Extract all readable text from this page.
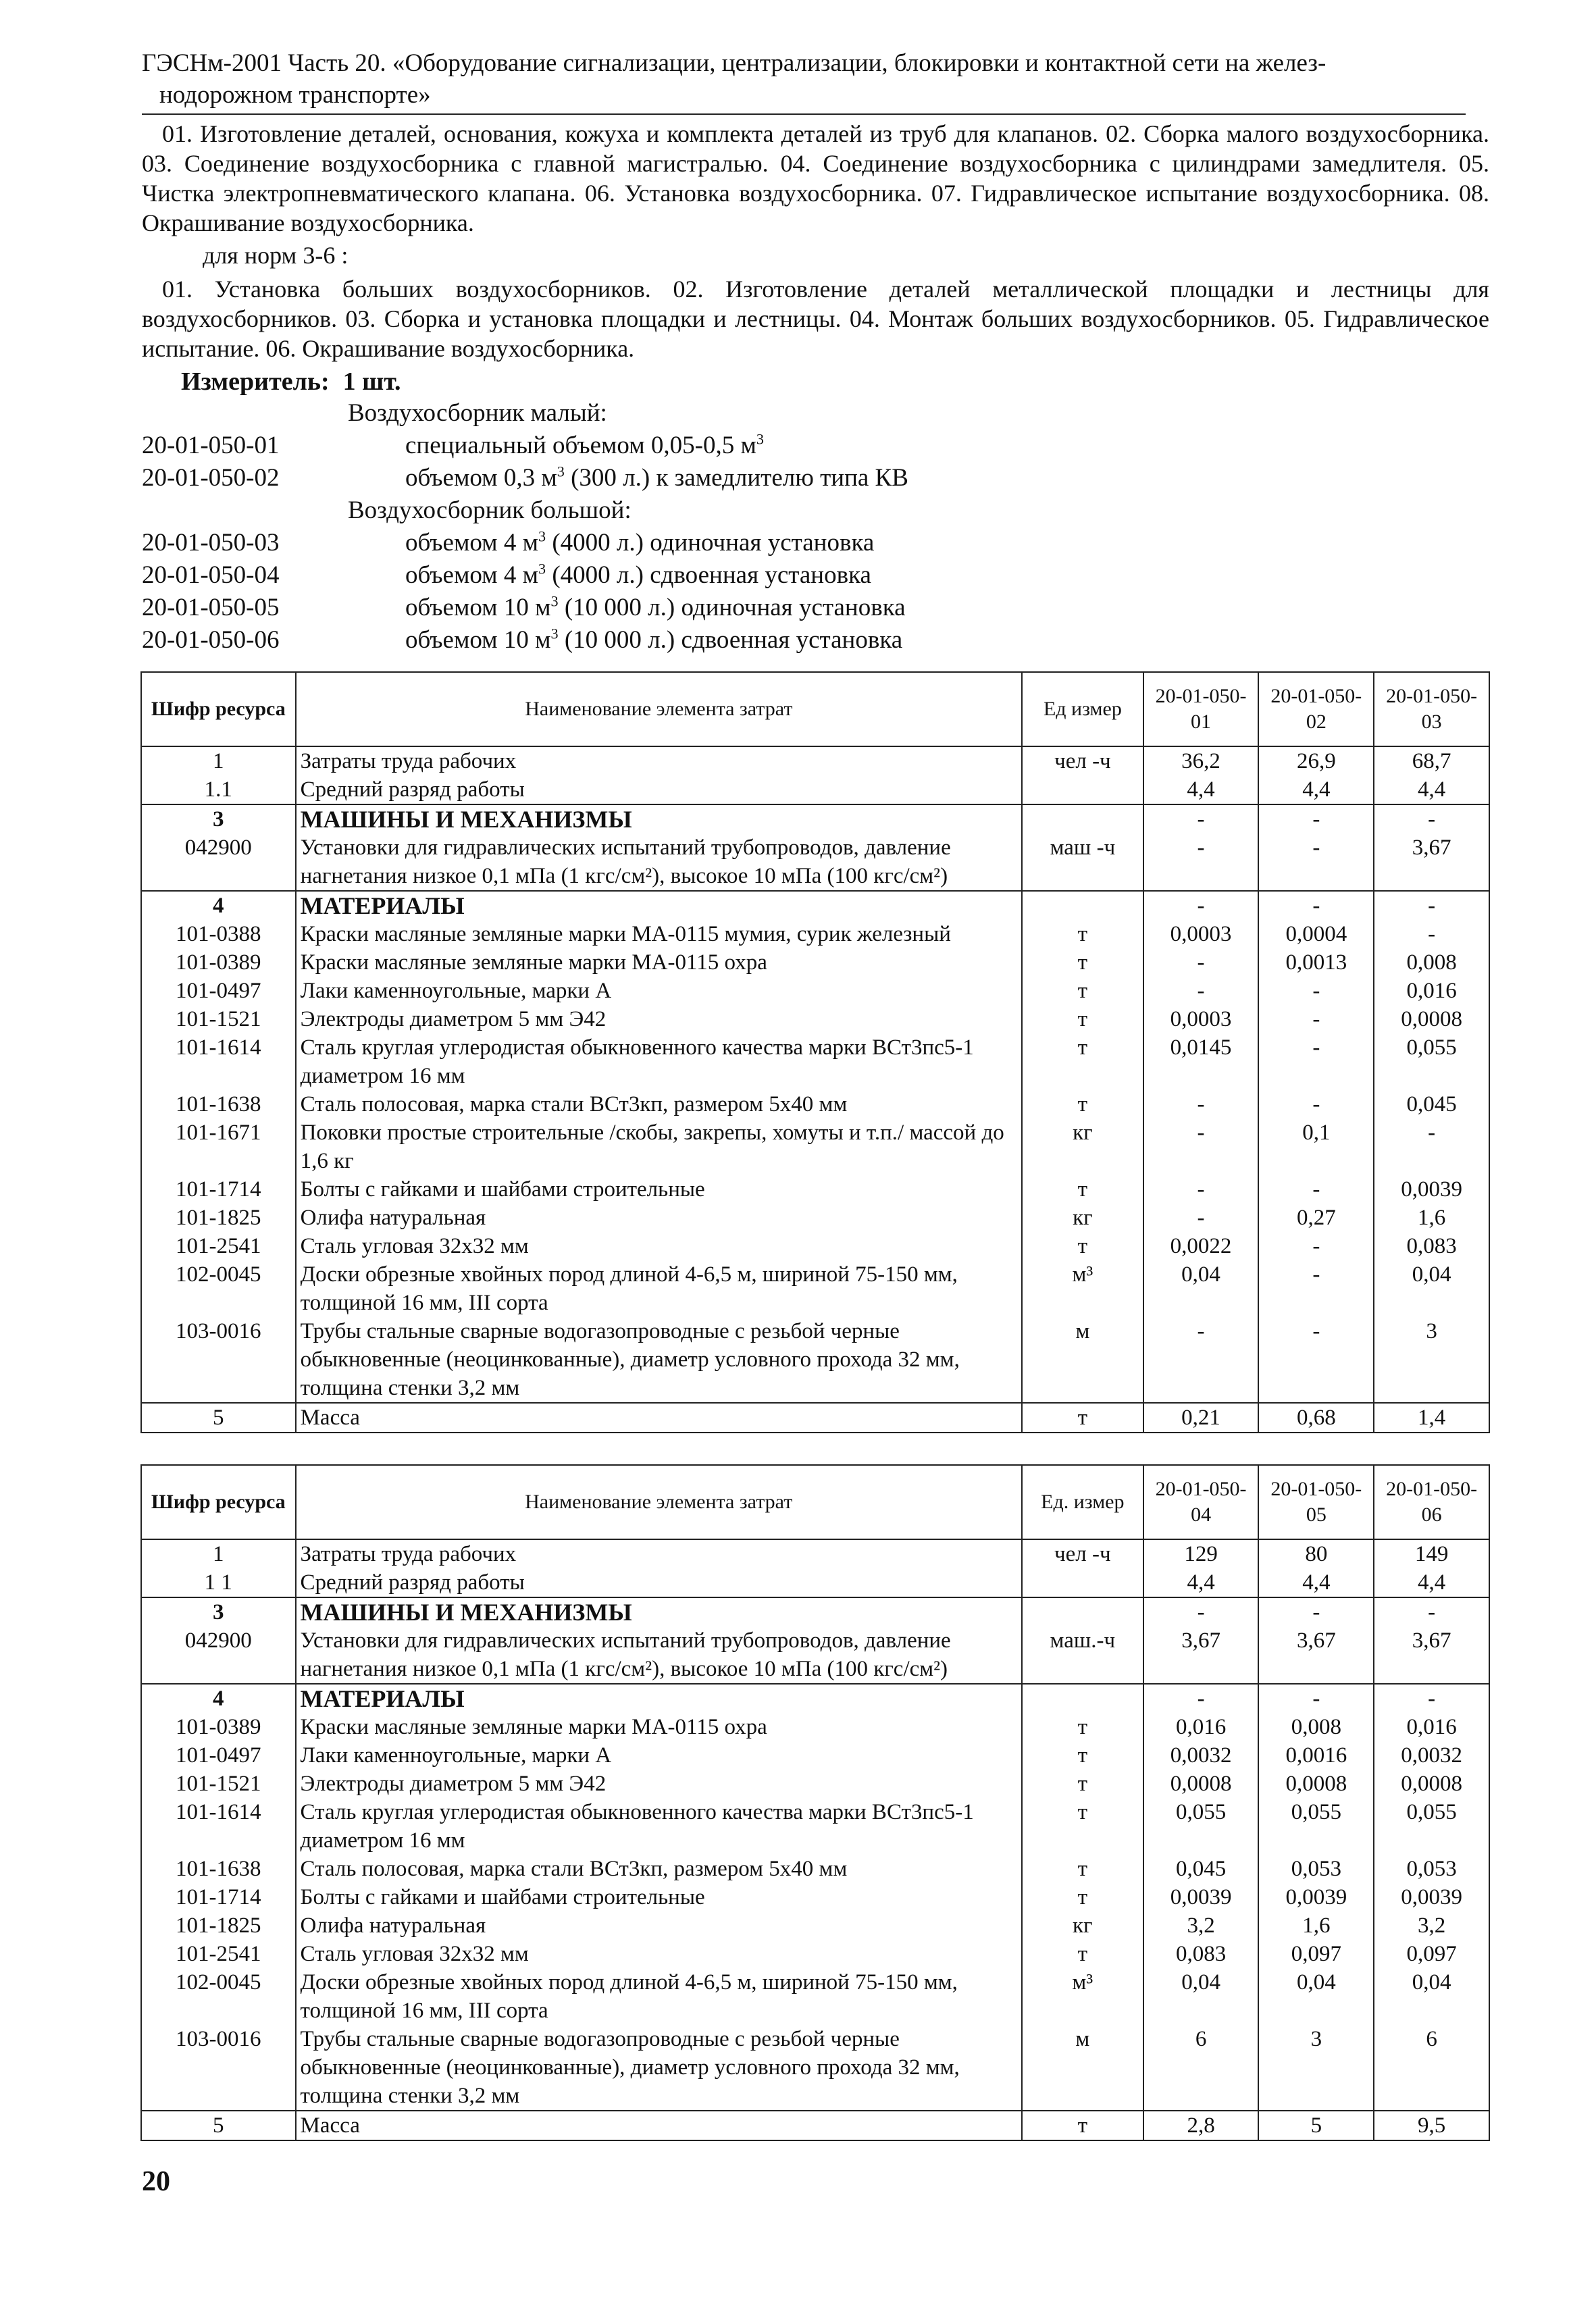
ГЭСНм-2001 Часть 20. «Оборудование сигнализации, централизации, блокировки и контактной сети на желез-
нодорожном транспорте»

01. Изготовление деталей, основания, кожуха и комплекта деталей из труб для клапанов. 02. Сборка малого воздухосборника. 03. Соединение воздухосборника с главной магистралью. 04. Соединение воздухосборника с цилиндрами замедлителя. 05. Чистка электропневматического клапана. 06. Установка воздухосборника. 07. Гидравлическое испытание воздухосборника. 08. Окрашивание воздухосборника.

для норм 3-6 :

01. Установка больших воздухосборников. 02. Изготовление деталей металлической площадки и лестницы для воздухосборников. 03. Сборка и установка площадки и лестницы. 04. Монтаж больших воздухосборников. 05. Гидравлическое испытание. 06. Окрашивание воздухосборника.

Измеритель: 1 шт.
Воздухосборник малый:
20-01-050-01	специальный объемом 0,05-0,5 $м^3$
20-01-050-02	объемом 0,3 $м^3$ (300 л.) к замедлителю типа КВ
Воздухосборник большой:
20-01-050-03	объемом 4 $м^3$ (4000 л.) одиночная установка
20-01-050-04	объемом 4 $м^3$ (4000 л.) сдвоенная установка
20-01-050-05	объемом 10 $м^3$ (10 000 л.) одиночная установка
20-01-050-06	объемом 10 $м^3$ (10 000 л.) сдвоенная установка
Шифр ресурса	Наименование элемента затрат	Ед измер	20-01-050-01	20-01-050-02	20-01-050-03
1	Затраты труда рабочих	чел -ч	36,2	26,9	68,7
1.1	Средний разряд работы		4,4	4,4	4,4
3	МАШИНЫ И МЕХАНИЗМЫ		-	-	-
042900	Установки для гидравлических испытаний трубопроводов, давление нагнетания низкое 0,1 мПа (1 кгс/см²), высокое 10 мПа (100 кгс/см²)	маш -ч	-	-	3,67
4	МАТЕРИАЛЫ		-	-	-
101-0388	Краски масляные земляные марки МА-0115 мумия, сурик железный	т	0,0003	0,0004	-
101-0389	Краски масляные земляные марки МА-0115 охра	т	-	0,0013	0,008
101-0497	Лаки каменноугольные, марки А	т	-	-	0,016
101-1521	Электроды диаметром 5 мм Э42	т	0,0003	-	0,0008
101-1614	Сталь круглая углеродистая обыкновенного качества марки ВСт3пс5-1 диаметром 16 мм	т	0,0145	-	0,055
101-1638	Сталь полосовая, марка стали ВСт3кп, размером 5х40 мм	т	-	-	0,045
101-1671	Поковки простые строительные /скобы, закрепы, хомуты и т.п./ массой до 1,6 кг	кг	-	0,1	-
101-1714	Болты с гайками и шайбами строительные	т	-	-	0,0039
101-1825	Олифа натуральная	кг	-	0,27	1,6
101-2541	Сталь угловая 32х32 мм	т	0,0022	-	0,083
102-0045	Доски обрезные хвойных пород длиной 4-6,5 м, шириной 75-150 мм, толщиной 16 мм, III сорта	м³	0,04	-	0,04
103-0016	Трубы стальные сварные водогазопроводные с резьбой черные обыкновенные (неоцинкованные), диаметр условного прохода 32 мм, толщина стенки 3,2 мм	м	-	-	3
5	Масса	т	0,21	0,68	1,4
Шифр ресурса	Наименование элемента затрат	Ед. измер	20-01-050-04	20-01-050-05	20-01-050-06
1	Затраты труда рабочих	чел -ч	129	80	149
1 1	Средний разряд работы		4,4	4,4	4,4
3	МАШИНЫ И МЕХАНИЗМЫ		-	-	-
042900	Установки для гидравлических испытаний трубопроводов, давление нагнетания низкое 0,1 мПа (1 кгс/см²), высокое 10 мПа (100 кгс/см²)	маш.-ч	3,67	3,67	3,67
4	МАТЕРИАЛЫ		-	-	-
101-0389	Краски масляные земляные марки МА-0115 охра	т	0,016	0,008	0,016
101-0497	Лаки каменноугольные, марки А	т	0,0032	0,0016	0,0032
101-1521	Электроды диаметром 5 мм Э42	т	0,0008	0,0008	0,0008
101-1614	Сталь круглая углеродистая обыкновенного качества марки ВСт3пс5-1 диаметром 16 мм	т	0,055	0,055	0,055
101-1638	Сталь полосовая, марка стали ВСт3кп, размером 5х40 мм	т	0,045	0,053	0,053
101-1714	Болты с гайками и шайбами строительные	т	0,0039	0,0039	0,0039
101-1825	Олифа натуральная	кг	3,2	1,6	3,2
101-2541	Сталь угловая 32х32 мм	т	0,083	0,097	0,097
102-0045	Доски обрезные хвойных пород длиной 4-6,5 м, шириной 75-150 мм, толщиной 16 мм, III сорта	м³	0,04	0,04	0,04
103-0016	Трубы стальные сварные водогазопроводные с резьбой черные обыкновенные (неоцинкованные), диаметр условного прохода 32 мм, толщина стенки 3,2 мм	м	6	3	6
5	Масса	т	2,8	5	9,5
20
